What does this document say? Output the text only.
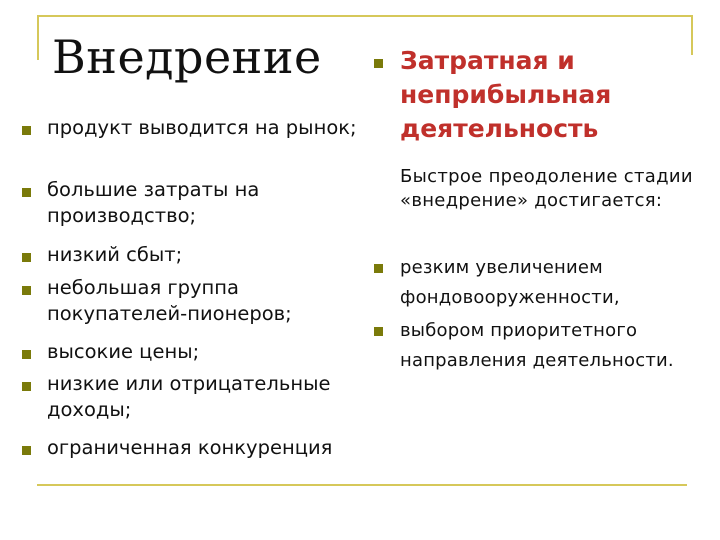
Внедрение
продукт выводится на рынок;
большие затраты на производство;
низкий сбыт;
небольшая группа покупателей-пионеров;
высокие цены;
низкие или отрицательные доходы;
ограниченная конкуренция
Затратная и неприбыльная деятельность
Быстрое преодоление стадии «внедрение» достигается:
резким увеличением фондовооруженности,
выбором приоритетного направления деятельности.
